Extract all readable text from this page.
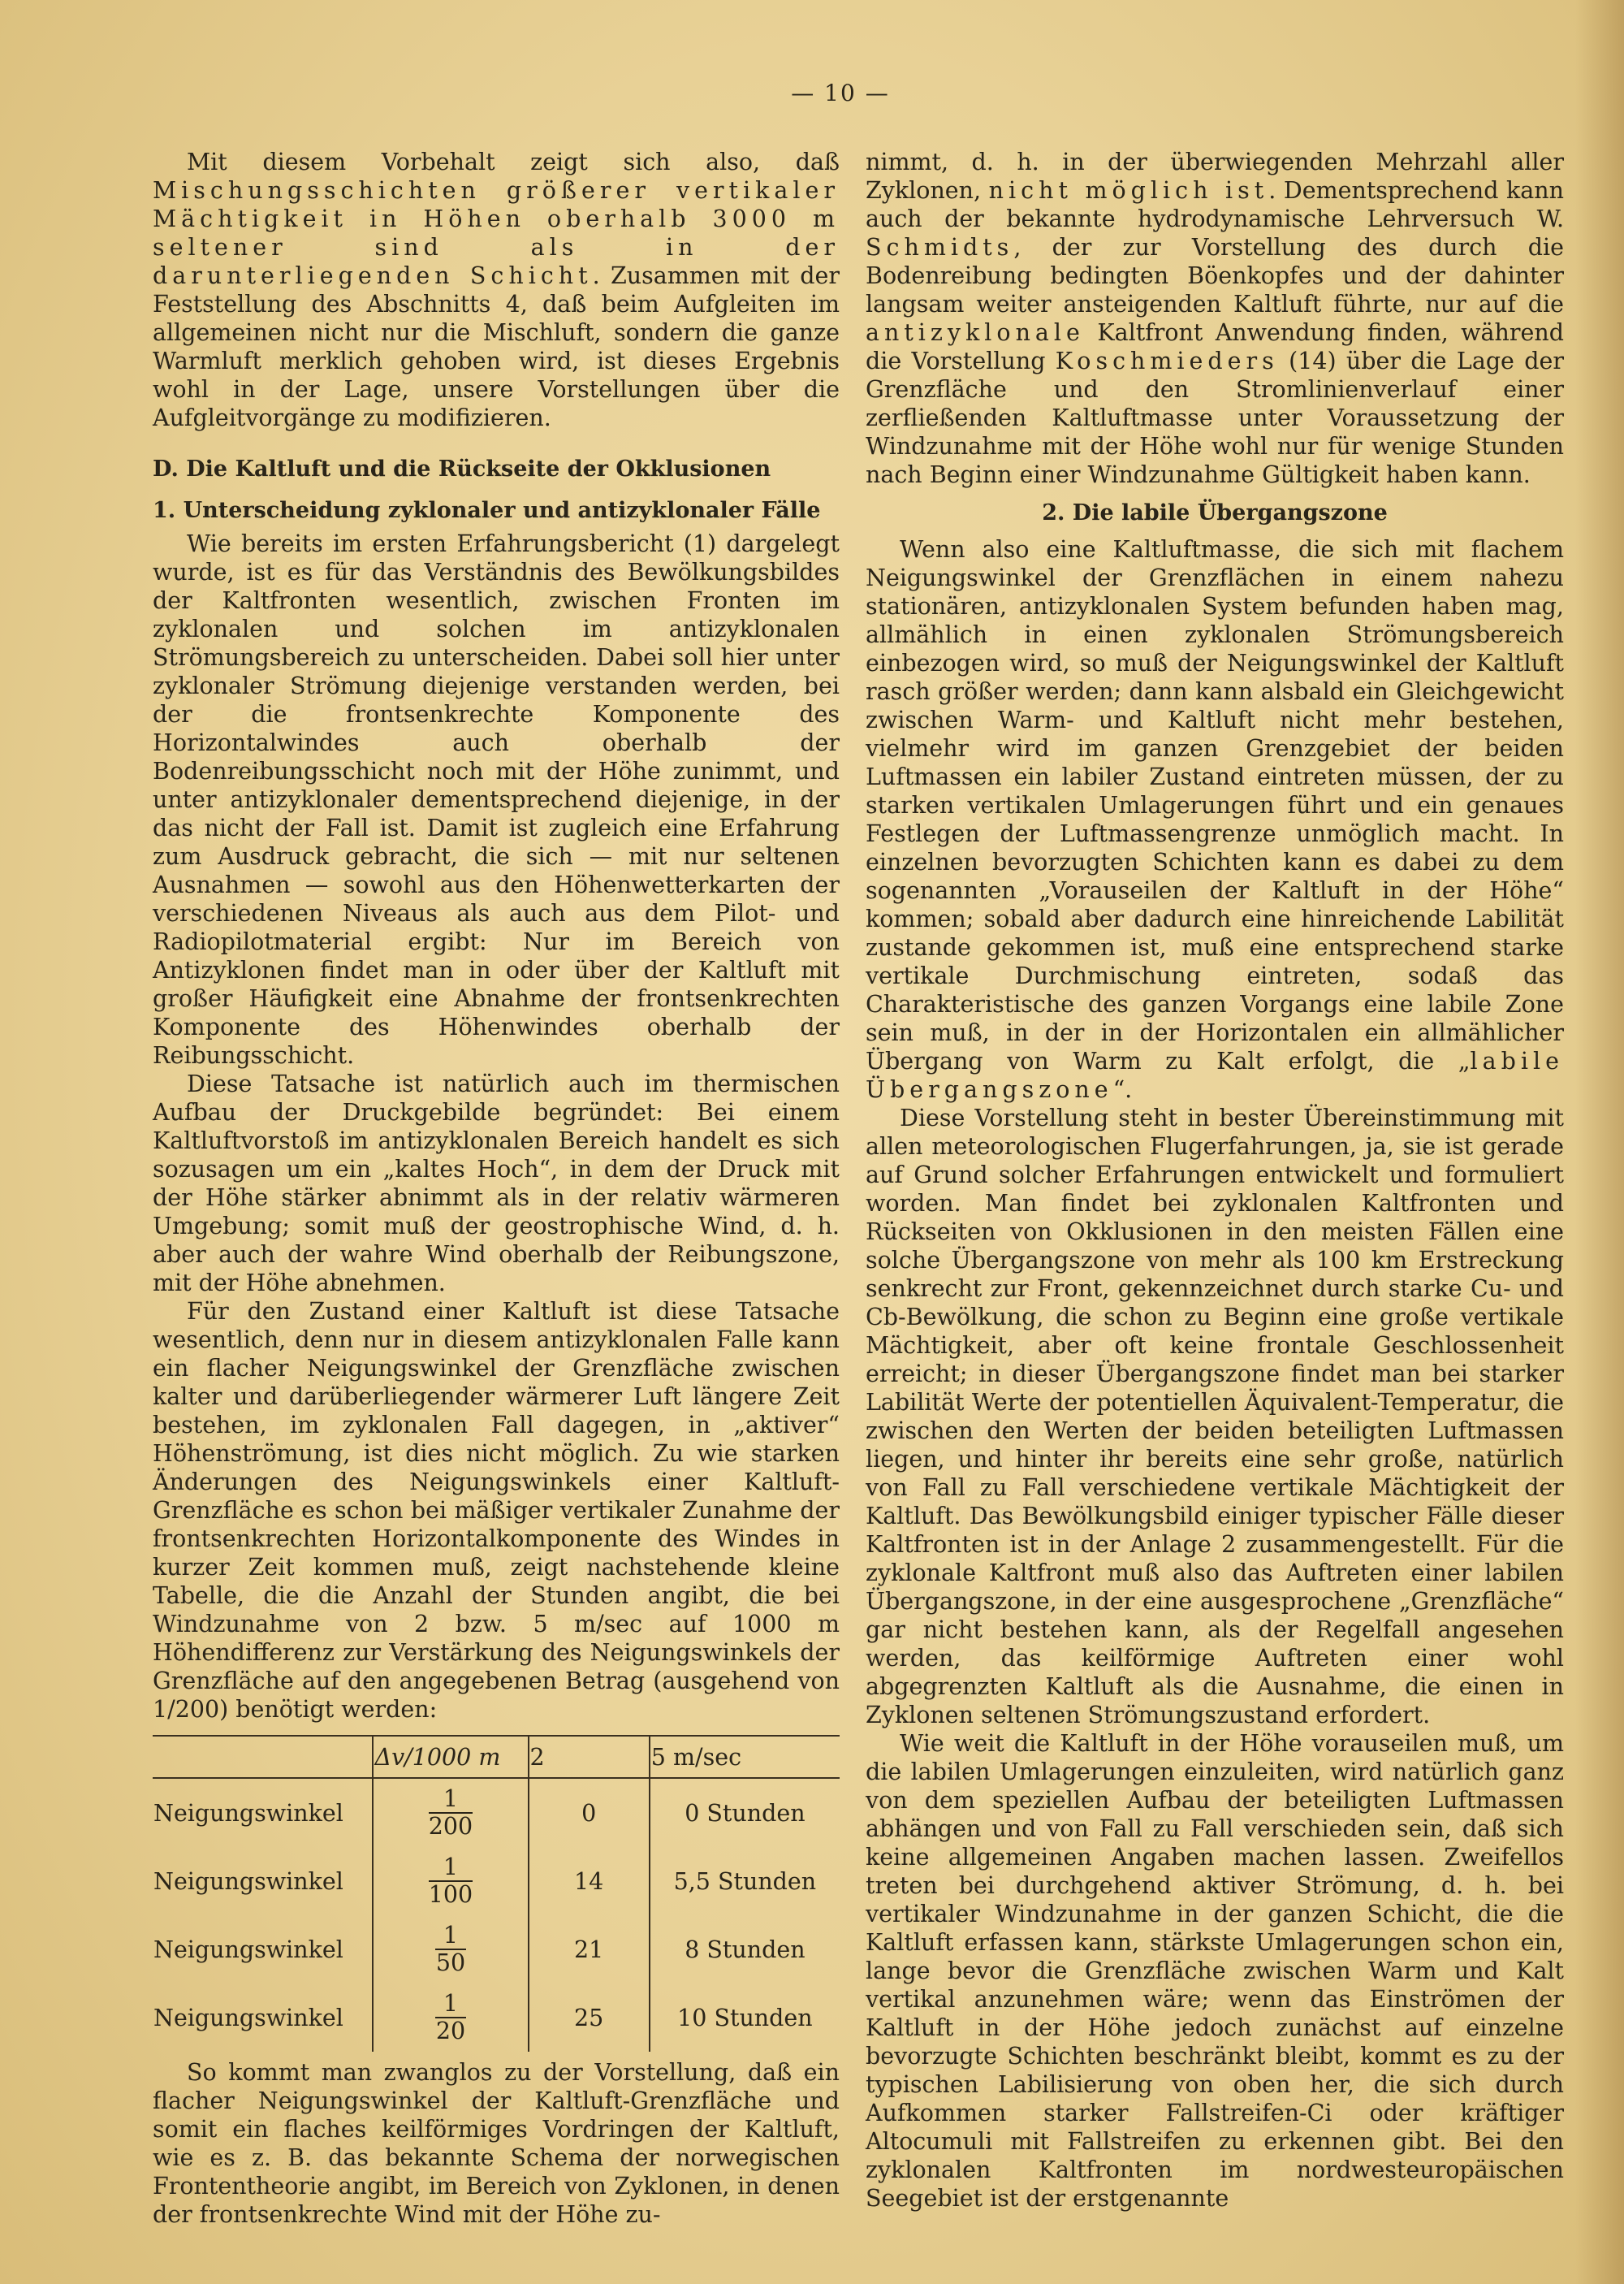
— 10 —

Mit diesem Vorbehalt zeigt sich also, daß Mischungsschichten größerer vertikaler Mächtigkeit in Höhen oberhalb 3000 m seltener sind als in der darunterliegenden Schicht. Zusammen mit der Feststellung des Abschnitts 4, daß beim Aufgleiten im allgemeinen nicht nur die Mischluft, sondern die ganze Warmluft merklich gehoben wird, ist dieses Ergebnis wohl in der Lage, unsere Vorstellungen über die Aufgleitvorgänge zu modifizieren.

D. Die Kaltluft und die Rückseite der Okklusionen
1. Unterscheidung zyklonaler und antizyklonaler Fälle

Wie bereits im ersten Erfahrungsbericht (1) dargelegt wurde, ist es für das Verständnis des Bewölkungsbildes der Kaltfronten wesentlich, zwischen Fronten im zyklonalen und solchen im antizyklonalen Strömungsbereich zu unterscheiden. Dabei soll hier unter zyklonaler Strömung diejenige verstanden werden, bei der die frontsenkrechte Komponente des Horizontalwindes auch oberhalb der Bodenreibungsschicht noch mit der Höhe zunimmt, und unter antizyklonaler dementsprechend diejenige, in der das nicht der Fall ist. Damit ist zugleich eine Erfahrung zum Ausdruck gebracht, die sich — mit nur seltenen Ausnahmen — sowohl aus den Höhenwetterkarten der verschiedenen Niveaus als auch aus dem Pilot- und Radiopilotmaterial ergibt: Nur im Bereich von Antizyklonen findet man in oder über der Kaltluft mit großer Häufigkeit eine Abnahme der frontsenkrechten Komponente des Höhenwindes oberhalb der Reibungsschicht.

Diese Tatsache ist natürlich auch im thermischen Aufbau der Druckgebilde begründet: Bei einem Kaltluftvorstoß im antizyklonalen Bereich handelt es sich sozusagen um ein „kaltes Hoch“, in dem der Druck mit der Höhe stärker abnimmt als in der relativ wärmeren Umgebung; somit muß der geostrophische Wind, d. h. aber auch der wahre Wind oberhalb der Reibungszone, mit der Höhe abnehmen.

Für den Zustand einer Kaltluft ist diese Tatsache wesentlich, denn nur in diesem antizyklonalen Falle kann ein flacher Neigungswinkel der Grenzfläche zwischen kalter und darüberliegender wärmerer Luft längere Zeit bestehen, im zyklonalen Fall dagegen, in „aktiver“ Höhenströmung, ist dies nicht möglich. Zu wie starken Änderungen des Neigungswinkels einer Kaltluft-Grenzfläche es schon bei mäßiger vertikaler Zunahme der frontsenkrechten Horizontalkomponente des Windes in kurzer Zeit kommen muß, zeigt nachstehende kleine Tabelle, die die Anzahl der Stunden angibt, die bei Windzunahme von 2 bzw. 5 m/sec auf 1000 m Höhendifferenz zur Verstärkung des Neigungswinkels der Grenzfläche auf den angegebenen Betrag (ausgehend von 1/200) benötigt werden:

	Δv/1000 m	2	5 m/sec
Neigungswinkel	$\frac{1}{200}$	0	0 Stunden
Neigungswinkel	$\frac{1}{100}$	14	5,5 Stunden
Neigungswinkel	$\frac{1}{50}$	21	8 Stunden
Neigungswinkel	$\frac{1}{20}$	25	10 Stunden

So kommt man zwanglos zu der Vorstellung, daß ein flacher Neigungswinkel der Kaltluft-Grenzfläche und somit ein flaches keilförmiges Vordringen der Kaltluft, wie es z. B. das bekannte Schema der norwegischen Frontentheorie angibt, im Bereich von Zyklonen, in denen der frontsenkrechte Wind mit der Höhe zu-

nimmt, d. h. in der überwiegenden Mehrzahl aller Zyklonen, nicht möglich ist. Dementsprechend kann auch der bekannte hydrodynamische Lehrversuch W. Schmidts, der zur Vorstellung des durch die Bodenreibung bedingten Böenkopfes und der dahinter langsam weiter ansteigenden Kaltluft führte, nur auf die antizyklonale Kaltfront Anwendung finden, während die Vorstellung Koschmieders (14) über die Lage der Grenzfläche und den Stromlinienverlauf einer zerfließenden Kaltluftmasse unter Voraussetzung der Windzunahme mit der Höhe wohl nur für wenige Stunden nach Beginn einer Windzunahme Gültigkeit haben kann.

2. Die labile Übergangszone

Wenn also eine Kaltluftmasse, die sich mit flachem Neigungswinkel der Grenzflächen in einem nahezu stationären, antizyklonalen System befunden haben mag, allmählich in einen zyklonalen Strömungsbereich einbezogen wird, so muß der Neigungswinkel der Kaltluft rasch größer werden; dann kann alsbald ein Gleichgewicht zwischen Warm- und Kaltluft nicht mehr bestehen, vielmehr wird im ganzen Grenzgebiet der beiden Luftmassen ein labiler Zustand eintreten müssen, der zu starken vertikalen Umlagerungen führt und ein genaues Festlegen der Luftmassengrenze unmöglich macht. In einzelnen bevorzugten Schichten kann es dabei zu dem sogenannten „Vorauseilen der Kaltluft in der Höhe“ kommen; sobald aber dadurch eine hinreichende Labilität zustande gekommen ist, muß eine entsprechend starke vertikale Durchmischung eintreten, sodaß das Charakteristische des ganzen Vorgangs eine labile Zone sein muß, in der in der Horizontalen ein allmählicher Übergang von Warm zu Kalt erfolgt, die „labile Übergangszone“.

Diese Vorstellung steht in bester Übereinstimmung mit allen meteorologischen Flugerfahrungen, ja, sie ist gerade auf Grund solcher Erfahrungen entwickelt und formuliert worden. Man findet bei zyklonalen Kaltfronten und Rückseiten von Okklusionen in den meisten Fällen eine solche Übergangszone von mehr als 100 km Erstreckung senkrecht zur Front, gekennzeichnet durch starke Cu- und Cb-Bewölkung, die schon zu Beginn eine große vertikale Mächtigkeit, aber oft keine frontale Geschlossenheit erreicht; in dieser Übergangszone findet man bei starker Labilität Werte der potentiellen Äquivalent-Temperatur, die zwischen den Werten der beiden beteiligten Luftmassen liegen, und hinter ihr bereits eine sehr große, natürlich von Fall zu Fall verschiedene vertikale Mächtigkeit der Kaltluft. Das Bewölkungsbild einiger typischer Fälle dieser Kaltfronten ist in der Anlage 2 zusammengestellt. Für die zyklonale Kaltfront muß also das Auftreten einer labilen Übergangszone, in der eine ausgesprochene „Grenzfläche“ gar nicht bestehen kann, als der Regelfall angesehen werden, das keilförmige Auftreten einer wohl abgegrenzten Kaltluft als die Ausnahme, die einen in Zyklonen seltenen Strömungszustand erfordert.

Wie weit die Kaltluft in der Höhe vorauseilen muß, um die labilen Umlagerungen einzuleiten, wird natürlich ganz von dem speziellen Aufbau der beteiligten Luftmassen abhängen und von Fall zu Fall verschieden sein, daß sich keine allgemeinen Angaben machen lassen. Zweifellos treten bei durchgehend aktiver Strömung, d. h. bei vertikaler Windzunahme in der ganzen Schicht, die die Kaltluft erfassen kann, stärkste Umlagerungen schon ein, lange bevor die Grenzfläche zwischen Warm und Kalt vertikal anzunehmen wäre; wenn das Einströmen der Kaltluft in der Höhe jedoch zunächst auf einzelne bevorzugte Schichten beschränkt bleibt, kommt es zu der typischen Labilisierung von oben her, die sich durch Aufkommen starker Fallstreifen-Ci oder kräftiger Altocumuli mit Fallstreifen zu erkennen gibt. Bei den zyklonalen Kaltfronten im nordwesteuropäischen Seegebiet ist der erstgenannte
